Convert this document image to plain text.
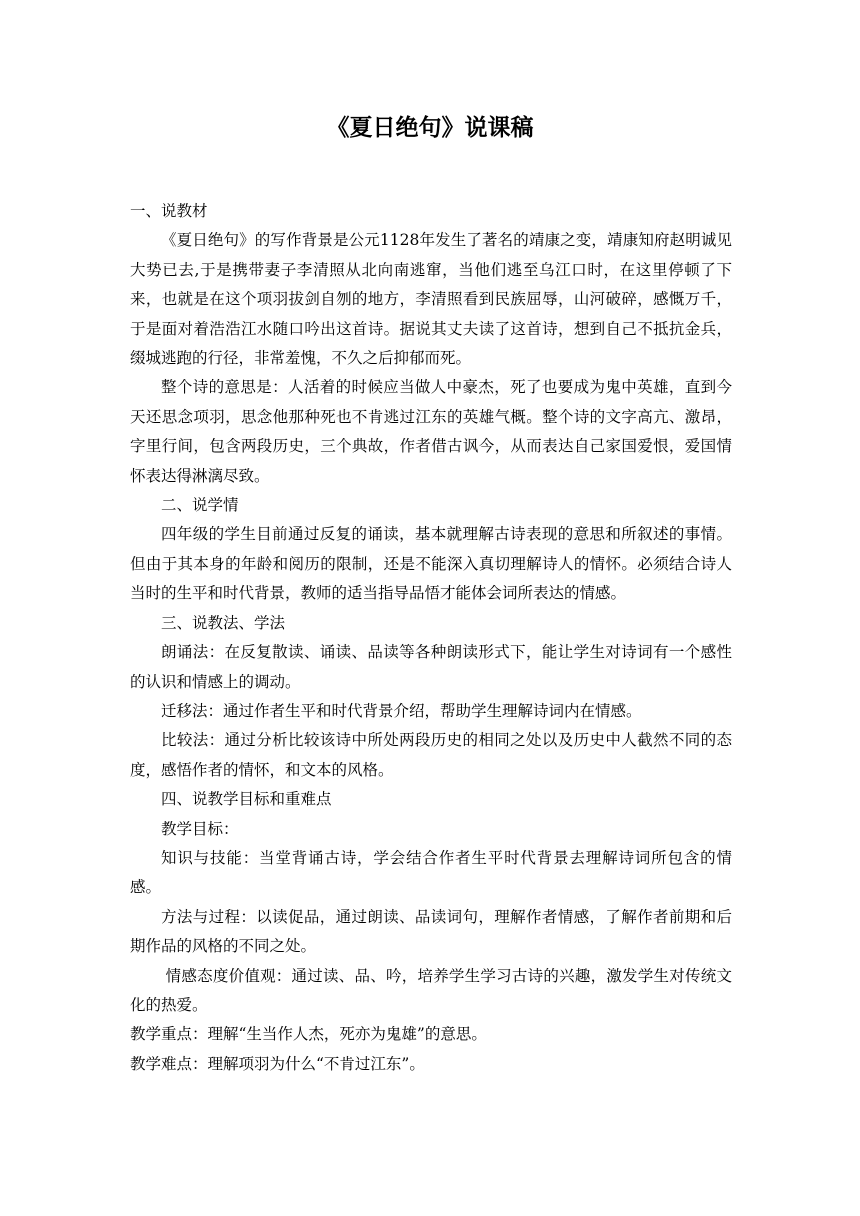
《夏日绝句》说课稿

一、说教材

《夏日绝句》的写作背景是公元1128年发生了著名的靖康之变，靖康知府赵明诚见大势已去,于是携带妻子李清照从北向南逃窜，当他们逃至乌江口时，在这里停顿了下来，也就是在这个项羽拔剑自刎的地方，李清照看到民族屈辱，山河破碎，感慨万千，于是面对着浩浩江水随口吟出这首诗。据说其丈夫读了这首诗，想到自己不抵抗金兵，缀城逃跑的行径，非常羞愧，不久之后抑郁而死。

整个诗的意思是：人活着的时候应当做人中豪杰，死了也要成为鬼中英雄，直到今天还思念项羽，思念他那种死也不肯逃过江东的英雄气概。整个诗的文字高亢、激昂，字里行间，包含两段历史，三个典故，作者借古讽今，从而表达自己家国爱恨，爱国情怀表达得淋漓尽致。

二、说学情

四年级的学生目前通过反复的诵读，基本就理解古诗表现的意思和所叙述的事情。但由于其本身的年龄和阅历的限制，还是不能深入真切理解诗人的情怀。必须结合诗人当时的生平和时代背景，教师的适当指导品悟才能体会词所表达的情感。

三、说教法、学法

朗诵法：在反复散读、诵读、品读等各种朗读形式下，能让学生对诗词有一个感性的认识和情感上的调动。

迁移法：通过作者生平和时代背景介绍，帮助学生理解诗词内在情感。

比较法：通过分析比较该诗中所处两段历史的相同之处以及历史中人截然不同的态度，感悟作者的情怀，和文本的风格。

四、说教学目标和重难点

教学目标：

知识与技能：当堂背诵古诗，学会结合作者生平时代背景去理解诗词所包含的情感。

方法与过程：以读促品，通过朗读、品读词句，理解作者情感，了解作者前期和后期作品的风格的不同之处。

情感态度价值观：通过读、品、吟，培养学生学习古诗的兴趣，激发学生对传统文化的热爱。

教学重点：理解“生当作人杰，死亦为鬼雄”的意思。

教学难点：理解项羽为什么“不肯过江东”。
